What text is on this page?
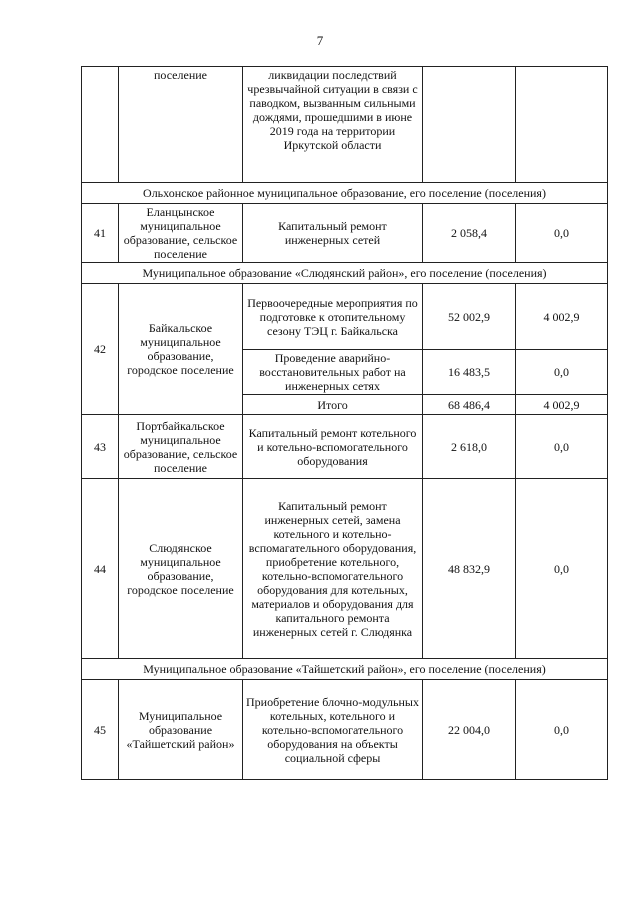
7
	поселение	ликвидации последствий чрезвычайной ситуации в связи с паводком, вызванным сильными дождями, прошедшими в июне 2019 года на территории Иркутской области		
Ольхонское районное муниципальное образование, его поселение (поселения)				
41	Еланцынское муниципальное образование, сельское поселение	Капитальный ремонт инженерных сетей	2 058,4	0,0
Муниципальное образование «Слюдянский район», его поселение (поселения)				
42	Байкальское муниципальное образование, городское поселение	Первоочередные мероприятия по подготовке к отопительному сезону ТЭЦ г. Байкальска	52 002,9	4 002,9
		Проведение аварийно-восстановительных работ на инженерных сетях	16 483,5	0,0
		Итого	68 486,4	4 002,9
43	Портбайкальское муниципальное образование, сельское поселение	Капитальный ремонт котельного и котельно-вспомогательного оборудования	2 618,0	0,0
44	Слюдянское муниципальное образование, городское поселение	Капитальный ремонт инженерных сетей, замена котельного и котельно-вспомагательного оборудования, приобретение котельного, котельно-вспомогательного оборудования для котельных, материалов и оборудования для капитального ремонта инженерных сетей г. Слюдянка	48 832,9	0,0
Муниципальное образование «Тайшетский район», его поселение (поселения)				
45	Муниципальное образование «Тайшетский район»	Приобретение блочно-модульных котельных, котельного и котельно-вспомогательного оборудования на объекты социальной сферы	22 004,0	0,0
